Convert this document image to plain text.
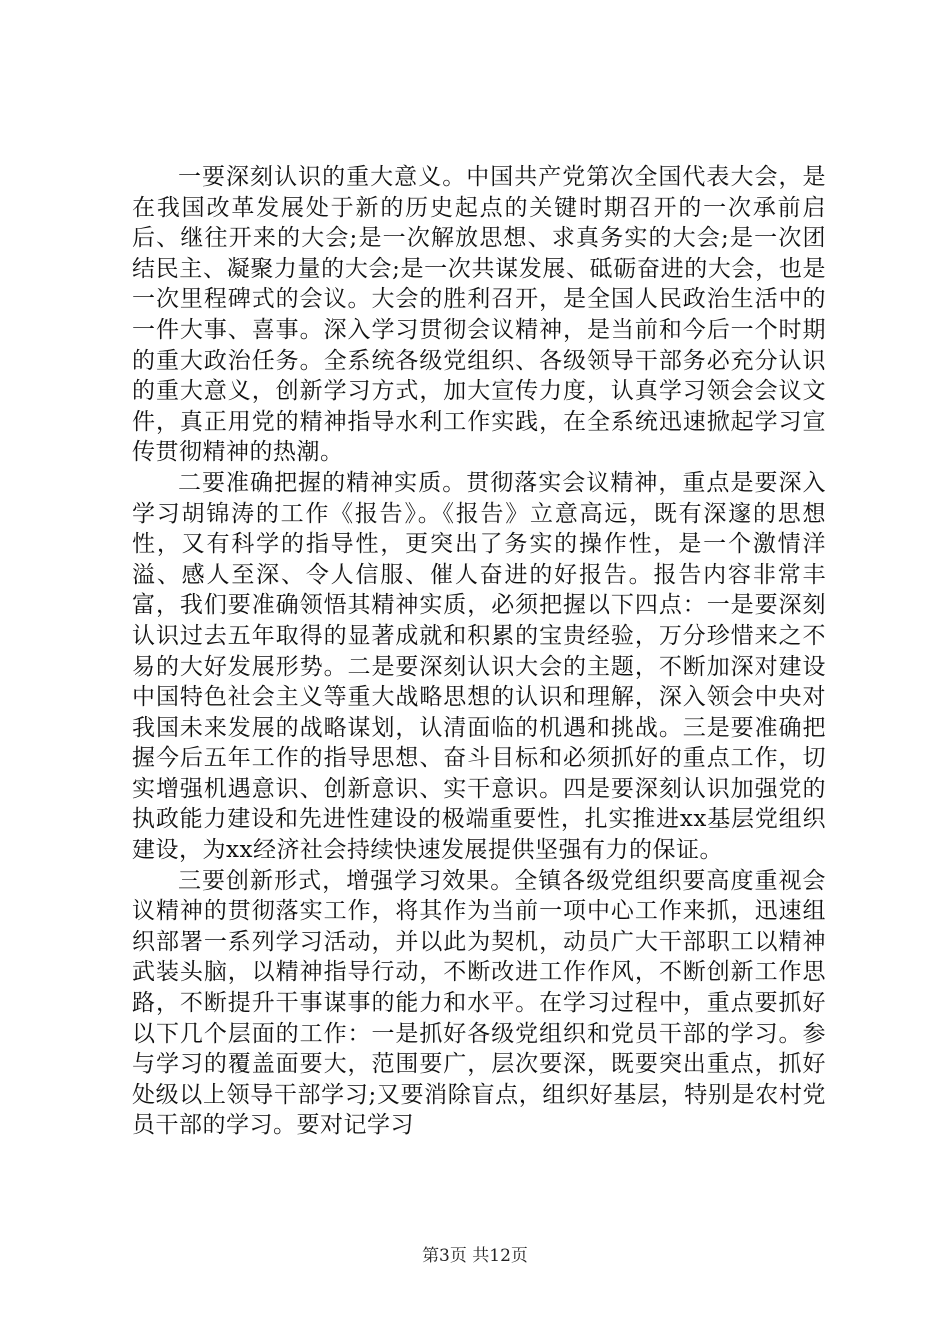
一要深刻认识的重大意义。中国共产党第次全国代表大会，是在我国改革发展处于新的历史起点的关键时期召开的一次承前启后、继往开来的大会;是一次解放思想、求真务实的大会;是一次团结民主、凝聚力量的大会;是一次共谋发展、砥砺奋进的大会，也是一次里程碑式的会议。大会的胜利召开，是全国人民政治生活中的一件大事、喜事。深入学习贯彻会议精神，是当前和今后一个时期的重大政治任务。全系统各级党组织、各级领导干部务必充分认识的重大意义，创新学习方式，加大宣传力度，认真学习领会会议文件，真正用党的精神指导水利工作实践，在全系统迅速掀起学习宣传贯彻精神的热潮。

二要准确把握的精神实质。贯彻落实会议精神，重点是要深入学习胡锦涛的工作《报告》。《报告》立意高远，既有深邃的思想性，又有科学的指导性，更突出了务实的操作性，是一个激情洋溢、感人至深、令人信服、催人奋进的好报告。报告内容非常丰富，我们要准确领悟其精神实质，必须把握以下四点：一是要深刻认识过去五年取得的显著成就和积累的宝贵经验，万分珍惜来之不易的大好发展形势。二是要深刻认识大会的主题，不断加深对建设中国特色社会主义等重大战略思想的认识和理解，深入领会中央对我国未来发展的战略谋划，认清面临的机遇和挑战。三是要准确把握今后五年工作的指导思想、奋斗目标和必须抓好的重点工作，切实增强机遇意识、创新意识、实干意识。四是要深刻认识加强党的执政能力建设和先进性建设的极端重要性，扎实推进xx基层党组织建设，为xx经济社会持续快速发展提供坚强有力的保证。

三要创新形式，增强学习效果。全镇各级党组织要高度重视会议精神的贯彻落实工作，将其作为当前一项中心工作来抓，迅速组织部署一系列学习活动，并以此为契机，动员广大干部职工以精神武装头脑，以精神指导行动，不断改进工作作风，不断创新工作思路，不断提升干事谋事的能力和水平。在学习过程中，重点要抓好以下几个层面的工作：一是抓好各级党组织和党员干部的学习。参与学习的覆盖面要大，范围要广，层次要深，既要突出重点，抓好处级以上领导干部学习;又要消除盲点，组织好基层，特别是农村党员干部的学习。要对记学习

第3页 共12页
